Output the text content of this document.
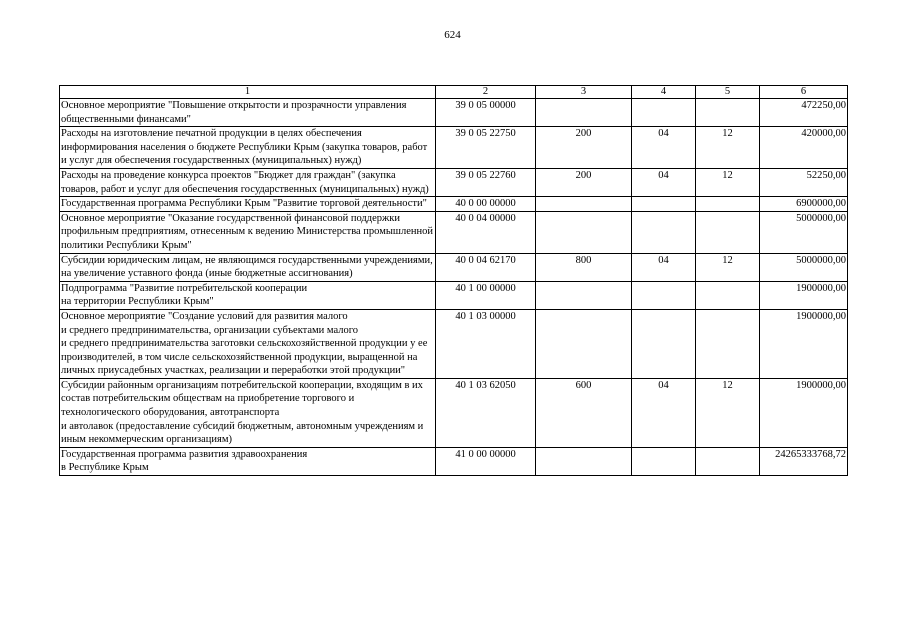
624
1	2	3	4	5	6
Основное мероприятие "Повышение открытости и прозрачности управления общественными финансами"	39 0 05 00000				472250,00
Расходы на изготовление печатной продукции в целях обеспечения информирования населения о бюджете Республики Крым (закупка товаров, работ и услуг для обеспечения государственных (муниципальных) нужд)	39 0 05 22750	200	04	12	420000,00
Расходы на проведение конкурса проектов "Бюджет для граждан" (закупка товаров, работ и услуг для обеспечения государственных (муниципальных) нужд)	39 0 05 22760	200	04	12	52250,00
Государственная программа Республики Крым "Развитие торговой деятельности"	40 0 00 00000				6900000,00
Основное мероприятие "Оказание государственной финансовой поддержки профильным предприятиям, отнесенным к ведению Министерства промышленной политики Республики Крым"	40 0 04 00000				5000000,00
Субсидии юридическим лицам, не являющимся государственными учреждениями, на увеличение уставного фонда (иные бюджетные ассигнования)	40 0 04 62170	800	04	12	5000000,00
Подпрограмма "Развитие потребительской кооперации
на территории Республики Крым"	40 1 00 00000				1900000,00
Основное мероприятие "Создание условий для развития малого
и среднего предпринимательства, организации субъектами малого
и среднего предпринимательства заготовки сельскохозяйственной продукции у ее производителей, в том числе сельскохозяйственной продукции, выращенной на личных приусадебных участках, реализации и переработки этой продукции"	40 1 03 00000				1900000,00
Субсидии районным организациям потребительской кооперации, входящим в их состав потребительским обществам на приобретение торгового и технологического оборудования, автотранспорта
и автолавок (предоставление субсидий бюджетным, автономным учреждениям и иным некоммерческим организациям)	40 1 03 62050	600	04	12	1900000,00
Государственная программа развития здравоохранения
в Республике Крым	41 0 00 00000				24265333768,72
